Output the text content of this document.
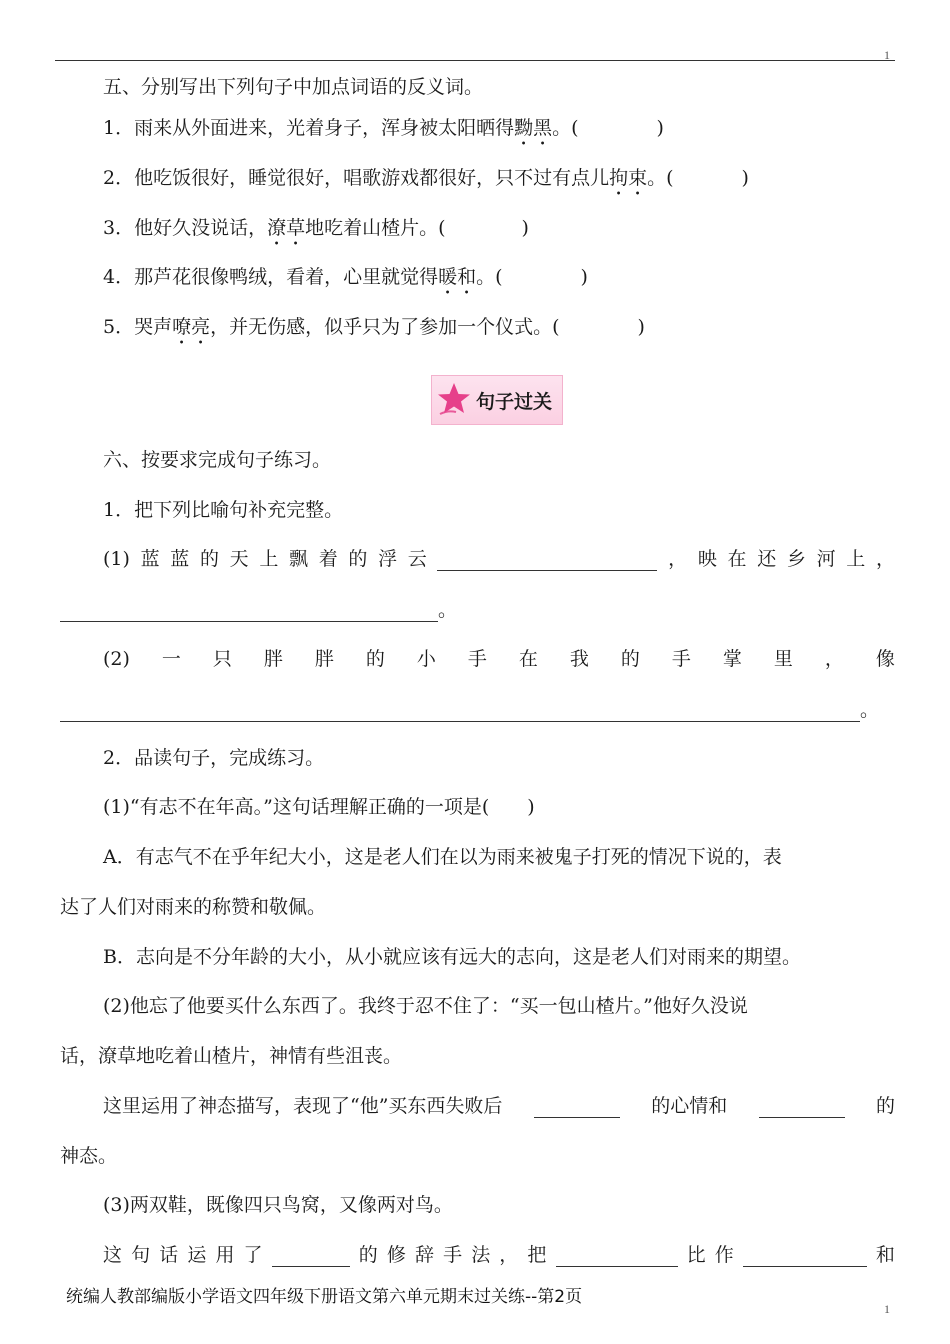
1
五、分别写出下列句子中加点词语的反义词。
1．雨来从外面进来，光着身子，浑身被太阳晒得黝黑。(	)
2．他吃饭很好，睡觉很好，唱歌游戏都很好，只不过有点儿拘束。(	)
3．他好久没说话，潦草地吃着山楂片。(	)
4．那芦花很像鸭绒，看着，心里就觉得暖和。(	)
5．哭声嘹亮，并无伤感，似乎只为了参加一个仪式。(	)
句子过关
六、按要求完成句子练习。
1．把下列比喻句补充完整。
(1) 蓝 蓝 的 天 上 飘 着 的 浮 云	， 映 在 还 乡 河 上 ，
。
(2) 一 只 胖 胖 的 小 手 在 我 的 手 掌 里 ， 像
。
2．品读句子，完成练习。
(1)“有志不在年高。”这句话理解正确的一项是(　　)
A．有志气不在乎年纪大小，这是老人们在以为雨来被鬼子打死的情况下说的，表
达了人们对雨来的称赞和敬佩。
B．志向是不分年龄的大小，从小就应该有远大的志向，这是老人们对雨来的期望。
(2)他忘了他要买什么东西了。我终于忍不住了：“买一包山楂片。”他好久没说
话，潦草地吃着山楂片，神情有些沮丧。
这里运用了神态描写，表现了“他”买东西失败后	的心情和	的
神态。
(3)两双鞋，既像四只鸟窝，又像两对鸟。
这 句 话 运 用 了	的 修 辞 手 法 ， 把	比 作	和
统编人教部编版小学语文四年级下册语文第六单元期末过关练--第2页
1
